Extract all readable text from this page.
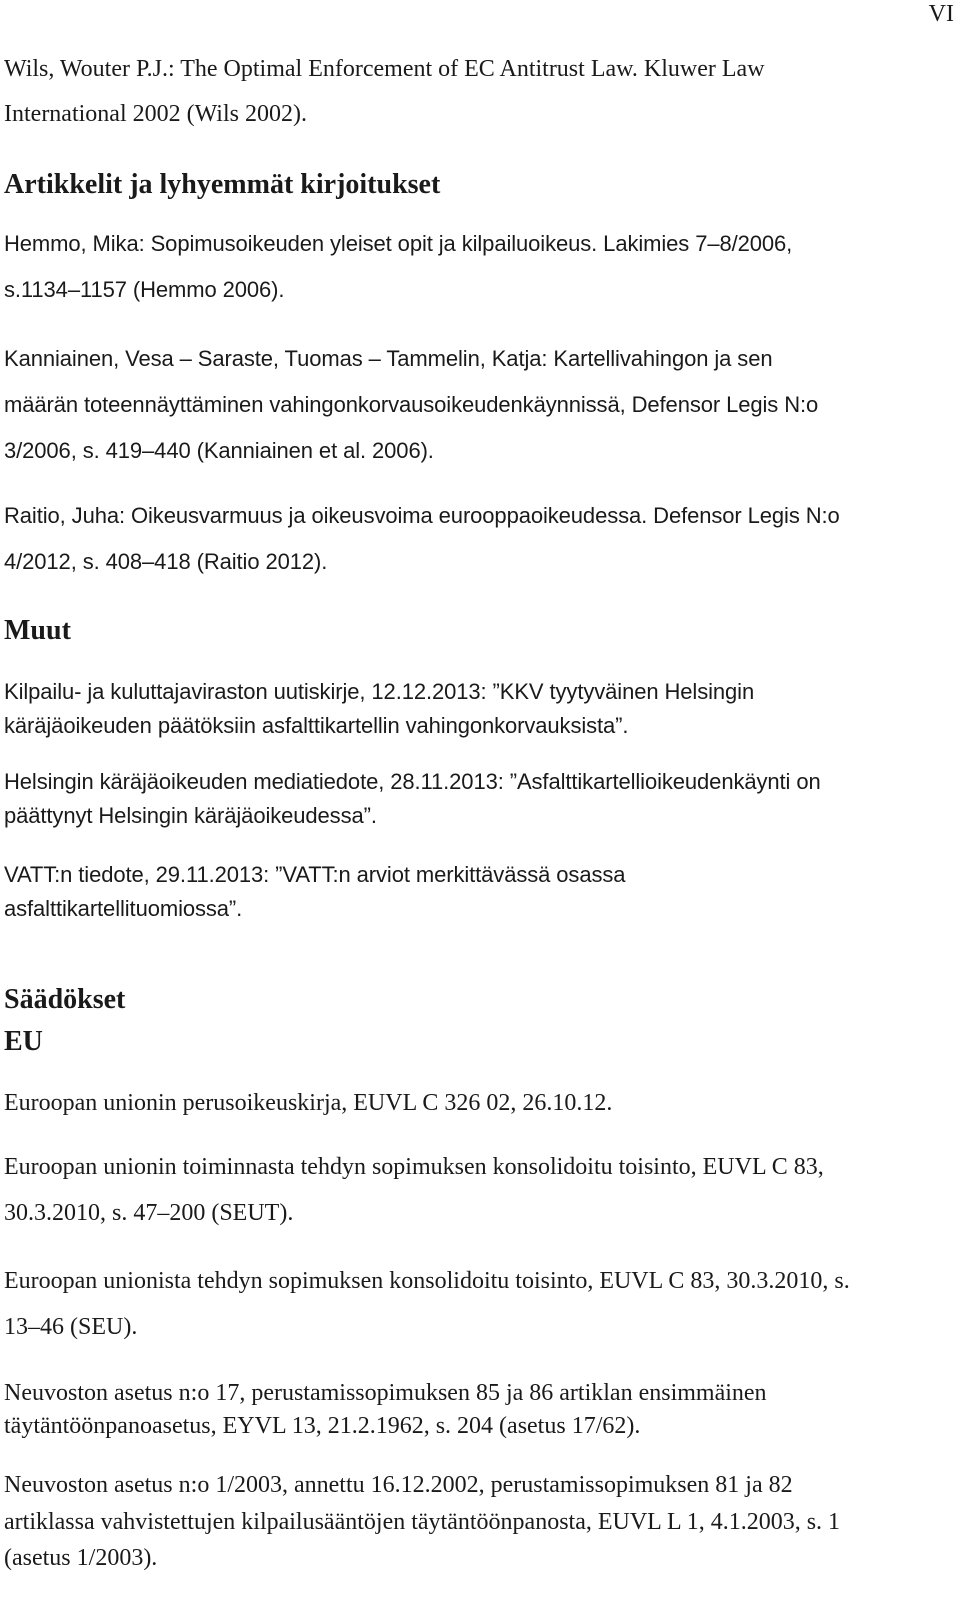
VI
Wils, Wouter P.J.: The Optimal Enforcement of EC Antitrust Law. Kluwer Law
International 2002 (Wils 2002).
Artikkelit ja lyhyemmät kirjoitukset
Hemmo, Mika: Sopimusoikeuden yleiset opit ja kilpailuoikeus. Lakimies 7–8/2006,
s.1134–1157 (Hemmo 2006).
Kanniainen, Vesa – Saraste, Tuomas – Tammelin, Katja: Kartellivahingon ja sen
määrän toteennäyttäminen vahingonkorvausoikeudenkäynnissä, Defensor Legis N:o
3/2006, s. 419–440 (Kanniainen et al. 2006).
Raitio, Juha: Oikeusvarmuus ja oikeusvoima eurooppaoikeudessa. Defensor Legis N:o
4/2012, s. 408–418 (Raitio 2012).
Muut
Kilpailu- ja kuluttajaviraston uutiskirje, 12.12.2013: ”KKV tyytyväinen Helsingin
käräjäoikeuden päätöksiin asfalttikartellin vahingonkorvauksista”.
Helsingin käräjäoikeuden mediatiedote, 28.11.2013: ”Asfalttikartellioikeudenkäynti on
päättynyt Helsingin käräjäoikeudessa”.
VATT:n tiedote, 29.11.2013: ”VATT:n arviot merkittävässä osassa
asfalttikartellituomiossa”.
Säädökset
EU
Euroopan unionin perusoikeuskirja, EUVL C 326 02, 26.10.12.
Euroopan unionin toiminnasta tehdyn sopimuksen konsolidoitu toisinto, EUVL C 83,
30.3.2010, s. 47–200 (SEUT).
Euroopan unionista tehdyn sopimuksen konsolidoitu toisinto, EUVL C 83, 30.3.2010, s.
13–46 (SEU).
Neuvoston asetus n:o 17, perustamissopimuksen 85 ja 86 artiklan ensimmäinen
täytäntöönpanoasetus, EYVL 13, 21.2.1962, s. 204 (asetus 17/62).
Neuvoston asetus n:o 1/2003, annettu 16.12.2002, perustamissopimuksen 81 ja 82
artiklassa vahvistettujen kilpailusääntöjen täytäntöönpanosta, EUVL L 1, 4.1.2003, s. 1
(asetus 1/2003).
